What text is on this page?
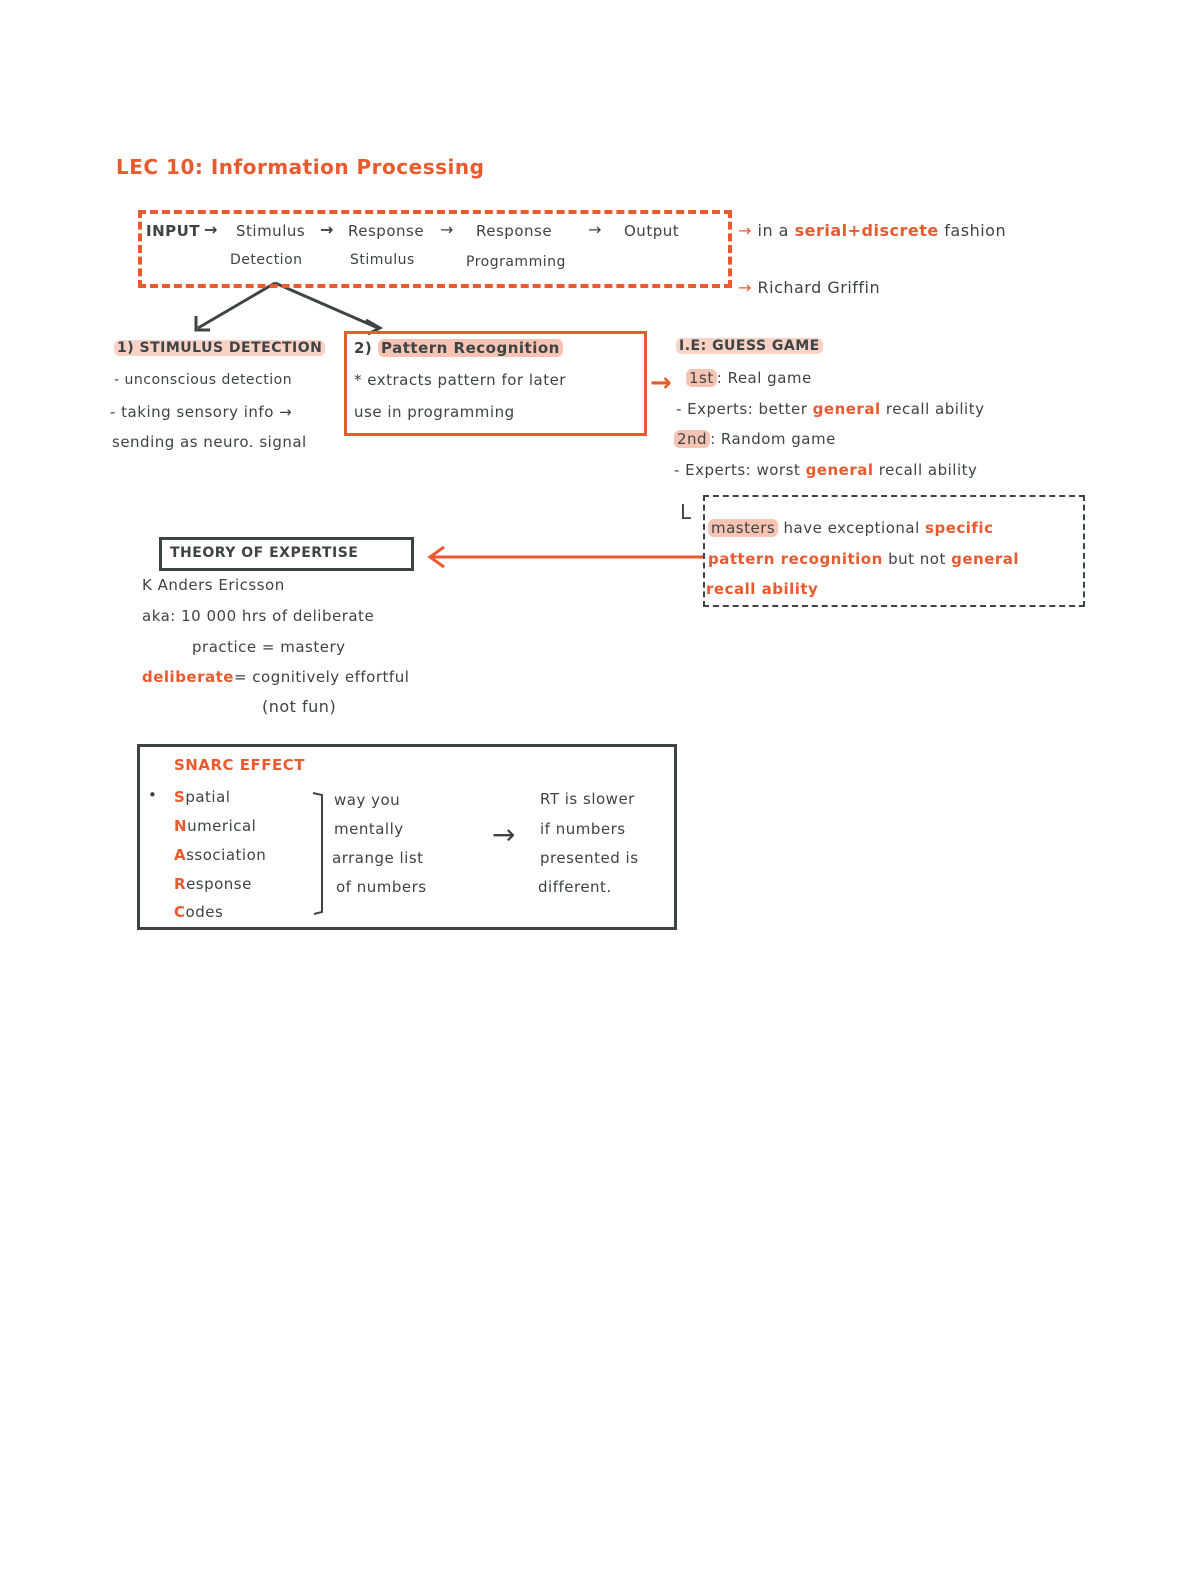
LEC 10: Information Processing
INPUT → Stimulus → Response → Response → Output
Detection	Stimulus	Programming
→ in a serial+discrete fashion
→ Richard Griffin
1) STIMULUS DETECTION
- unconscious detection
- taking sensory info →
sending as neuro. signal
2) Pattern Recognition
* extracts pattern for later
use in programming
→
I.E: GUESS GAME
1st : Real game
- Experts: better general recall ability
2nd : Random game
- Experts: worst general recall ability
L
masters have exceptional specific
pattern recognition but not general
recall ability
THEORY OF EXPERTISE
K Anders Ericsson
aka: 10 000 hrs of deliberate
practice = mastery
deliberate= cognitively effortful
(not fun)
SNARC EFFECT
• Spatial
Numerical
Association
Response
Codes
way you
mentally
arrange list
of numbers
→
RT is slower
if numbers
presented is
different.
